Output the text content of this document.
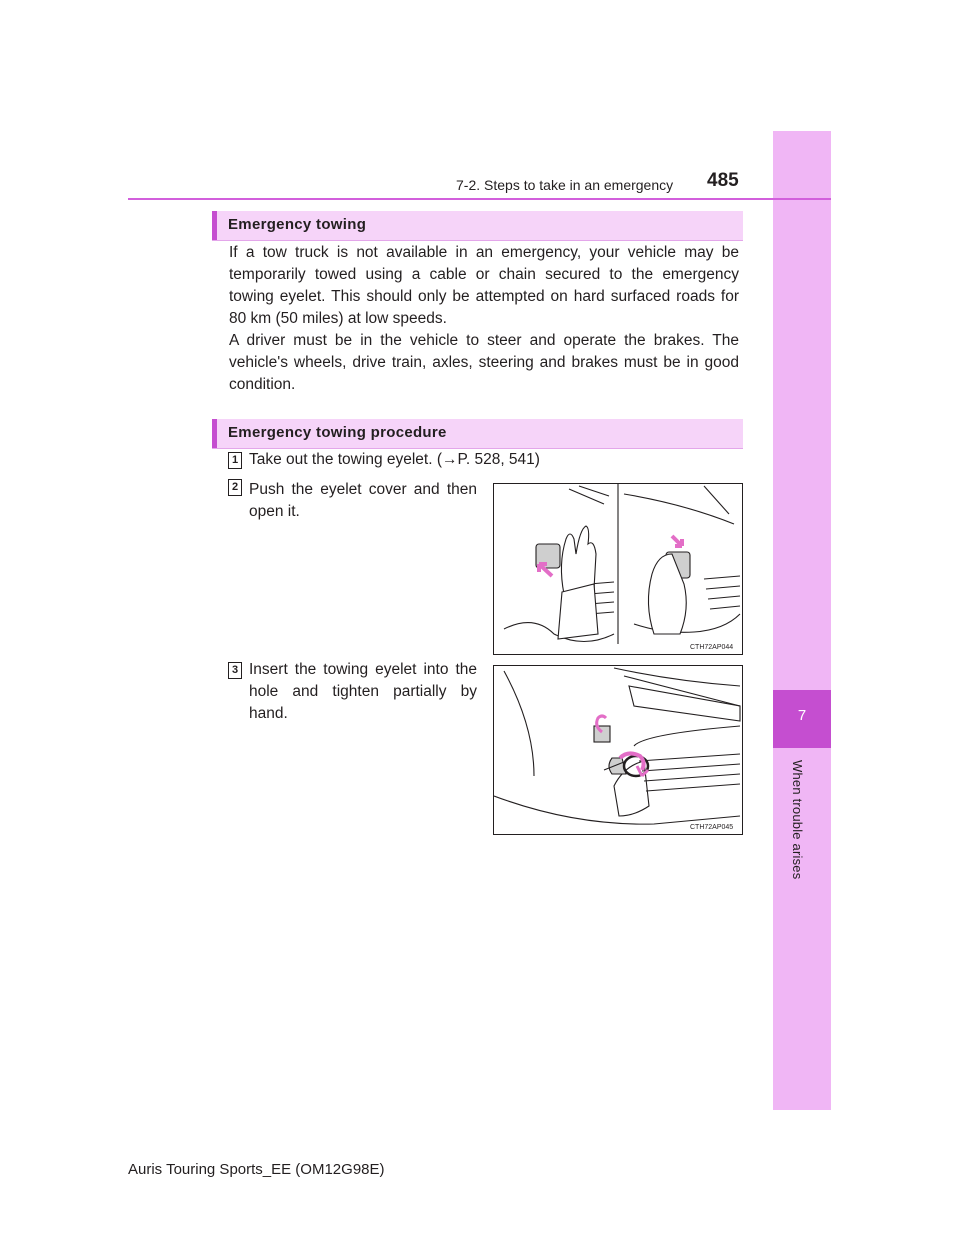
7
When trouble arises
7-2. Steps to take in an emergency 485
Emergency towing
If a tow truck is not available in an emergency, your vehicle may be temporarily towed using a cable or chain secured to the emergency towing eyelet. This should only be attempted on hard surfaced roads for 80 km (50 miles) at low speeds.
A driver must be in the vehicle to steer and operate the brakes. The vehicle's wheels, drive train, axles, steering and brakes must be in good condition.
Emergency towing procedure
1 Take out the towing eyelet. (→P. 528, 541)
2 Push the eyelet cover and then open it.
CTH72AP044
3 Insert the towing eyelet into the hole and tighten partially by hand.
CTH72AP045
Auris Touring Sports_EE (OM12G98E)
